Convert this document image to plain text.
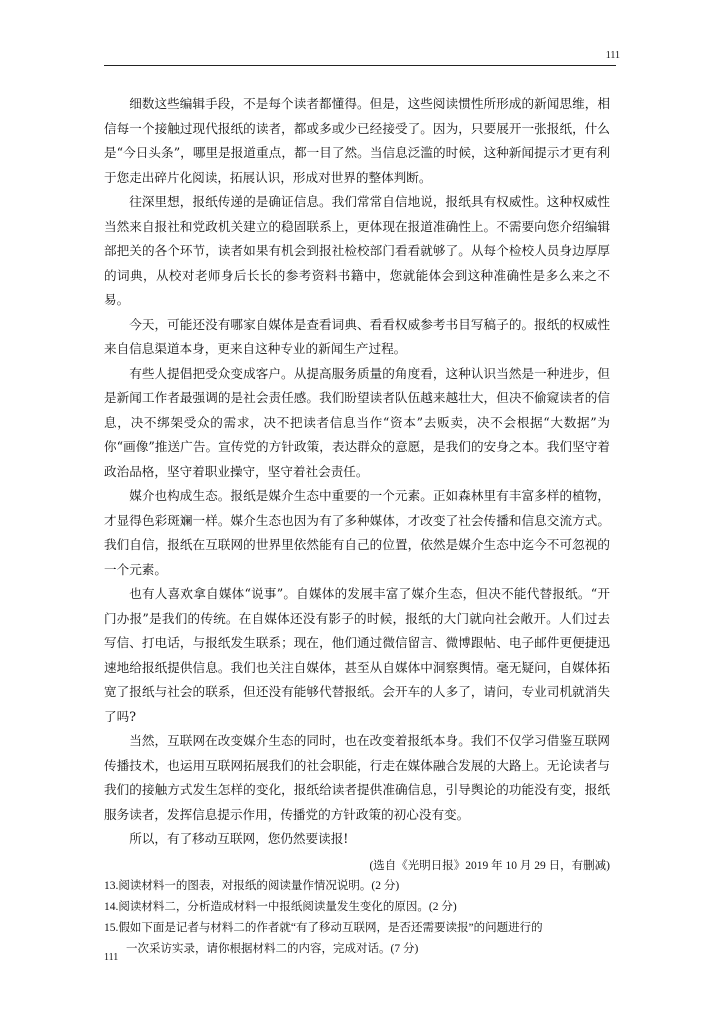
111

细数这些编辑手段，不是每个读者都懂得。但是，这些阅读惯性所形成的新闻思维，相信每一个接触过现代报纸的读者，都或多或少已经接受了。因为，只要展开一张报纸，什么是“今日头条”，哪里是报道重点，都一目了然。当信息泛滥的时候，这种新闻提示才更有利于您走出碎片化阅读，拓展认识，形成对世界的整体判断。

往深里想，报纸传递的是确证信息。我们常常自信地说，报纸具有权威性。这种权威性当然来自报社和党政机关建立的稳固联系上，更体现在报道准确性上。不需要向您介绍编辑部把关的各个环节，读者如果有机会到报社检校部门看看就够了。从每个检校人员身边厚厚的词典，从校对老师身后长长的参考资料书籍中，您就能体会到这种准确性是多么来之不易。

今天，可能还没有哪家自媒体是查看词典、看看权威参考书目写稿子的。报纸的权威性来自信息渠道本身，更来自这种专业的新闻生产过程。

有些人提倡把受众变成客户。从提高服务质量的角度看，这种认识当然是一种进步，但是新闻工作者最强调的是社会责任感。我们盼望读者队伍越来越壮大，但决不偷窥读者的信息，决不绑架受众的需求，决不把读者信息当作“资本”去贩卖，决不会根据“大数据”为你“画像”推送广告。宣传党的方针政策，表达群众的意愿，是我们的安身之本。我们坚守着政治品格，坚守着职业操守，坚守着社会责任。

媒介也构成生态。报纸是媒介生态中重要的一个元素。正如森林里有丰富多样的植物，才显得色彩斑斓一样。媒介生态也因为有了多种媒体，才改变了社会传播和信息交流方式。我们自信，报纸在互联网的世界里依然能有自己的位置，依然是媒介生态中迄今不可忽视的一个元素。

也有人喜欢拿自媒体“说事”。自媒体的发展丰富了媒介生态，但决不能代替报纸。“开门办报”是我们的传统。在自媒体还没有影子的时候，报纸的大门就向社会敞开。人们过去写信、打电话，与报纸发生联系；现在，他们通过微信留言、微博跟帖、电子邮件更便捷迅速地给报纸提供信息。我们也关注自媒体，甚至从自媒体中洞察舆情。毫无疑问，自媒体拓宽了报纸与社会的联系，但还没有能够代替报纸。会开车的人多了，请问，专业司机就消失了吗?

当然，互联网在改变媒介生态的同时，也在改变着报纸本身。我们不仅学习借鉴互联网传播技术，也运用互联网拓展我们的社会职能，行走在媒体融合发展的大路上。无论读者与我们的接触方式发生怎样的变化，报纸给读者提供准确信息，引导舆论的功能没有变，报纸服务读者，发挥信息提示作用，传播党的方针政策的初心没有变。

所以，有了移动互联网，您仍然要读报!

(选自《光明日报》2019 年 10 月 29 日，有删减)

13.阅读材料一的图表，对报纸的阅读量作情况说明。(2 分)

14.阅读材料二，分析造成材料一中报纸阅读量发生变化的原因。(2 分)

15.假如下面是记者与材料二的作者就“有了移动互联网，是否还需要读报”的问题进行的

一次采访实录，请你根据材料二的内容，完成对话。(7 分)

111
